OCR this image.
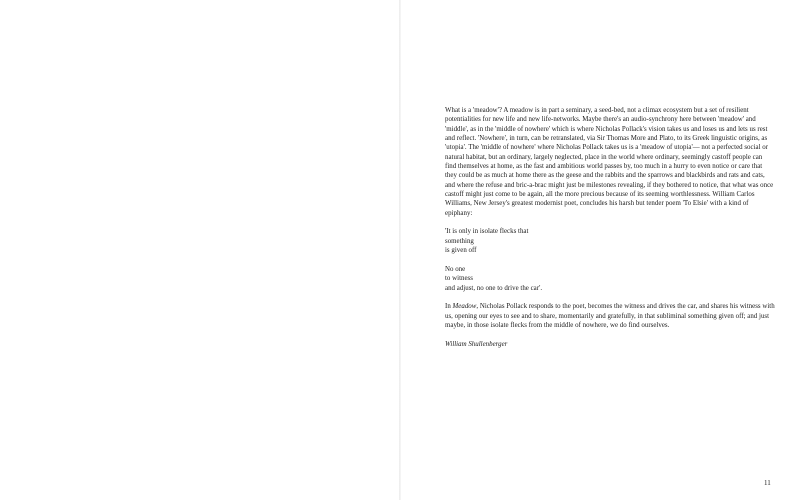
What is a 'meadow'? A meadow is in part a seminary, a seed-bed, not a climax ecosystem but a set of resilient potentialities for new life and new life-networks. Maybe there's an audio-synchrony here between 'meadow' and 'middle', as in the 'middle of nowhere' which is where Nicholas Pollack's vision takes us and loses us and lets us rest and reflect. 'Nowhere', in turn, can be retranslated, via Sir Thomas More and Plato, to its Greek linguistic origins, as 'utopia'. The 'middle of nowhere' where Nicholas Pollack takes us is a 'meadow of utopia'— not a perfected social or natural habitat, but an ordinary, largely neglected, place in the world where ordinary, seemingly castoff people can find themselves at home, as the fast and ambitious world passes by, too much in a hurry to even notice or care that they could be as much at home there as the geese and the rabbits and the sparrows and blackbirds and rats and cats, and where the refuse and bric-a-brac might just be milestones revealing, if they bothered to notice, that what was once castoff might just come to be again, all the more precious because of its seeming worthlessness. William Carlos Williams, New Jersey's greatest modernist poet, concludes his harsh but tender poem 'To Elsie' with a kind of epiphany:

'It is only in isolate flecks that
something
is given off
No one
to witness
and adjust, no one to drive the car'.

In Meadow, Nicholas Pollack responds to the poet, becomes the witness and drives the car, and shares his witness with us, opening our eyes to see and to share, momentarily and gratefully, in that subliminal something given off; and just maybe, in those isolate flecks from the middle of nowhere, we do find ourselves.

William Shullenberger

11
